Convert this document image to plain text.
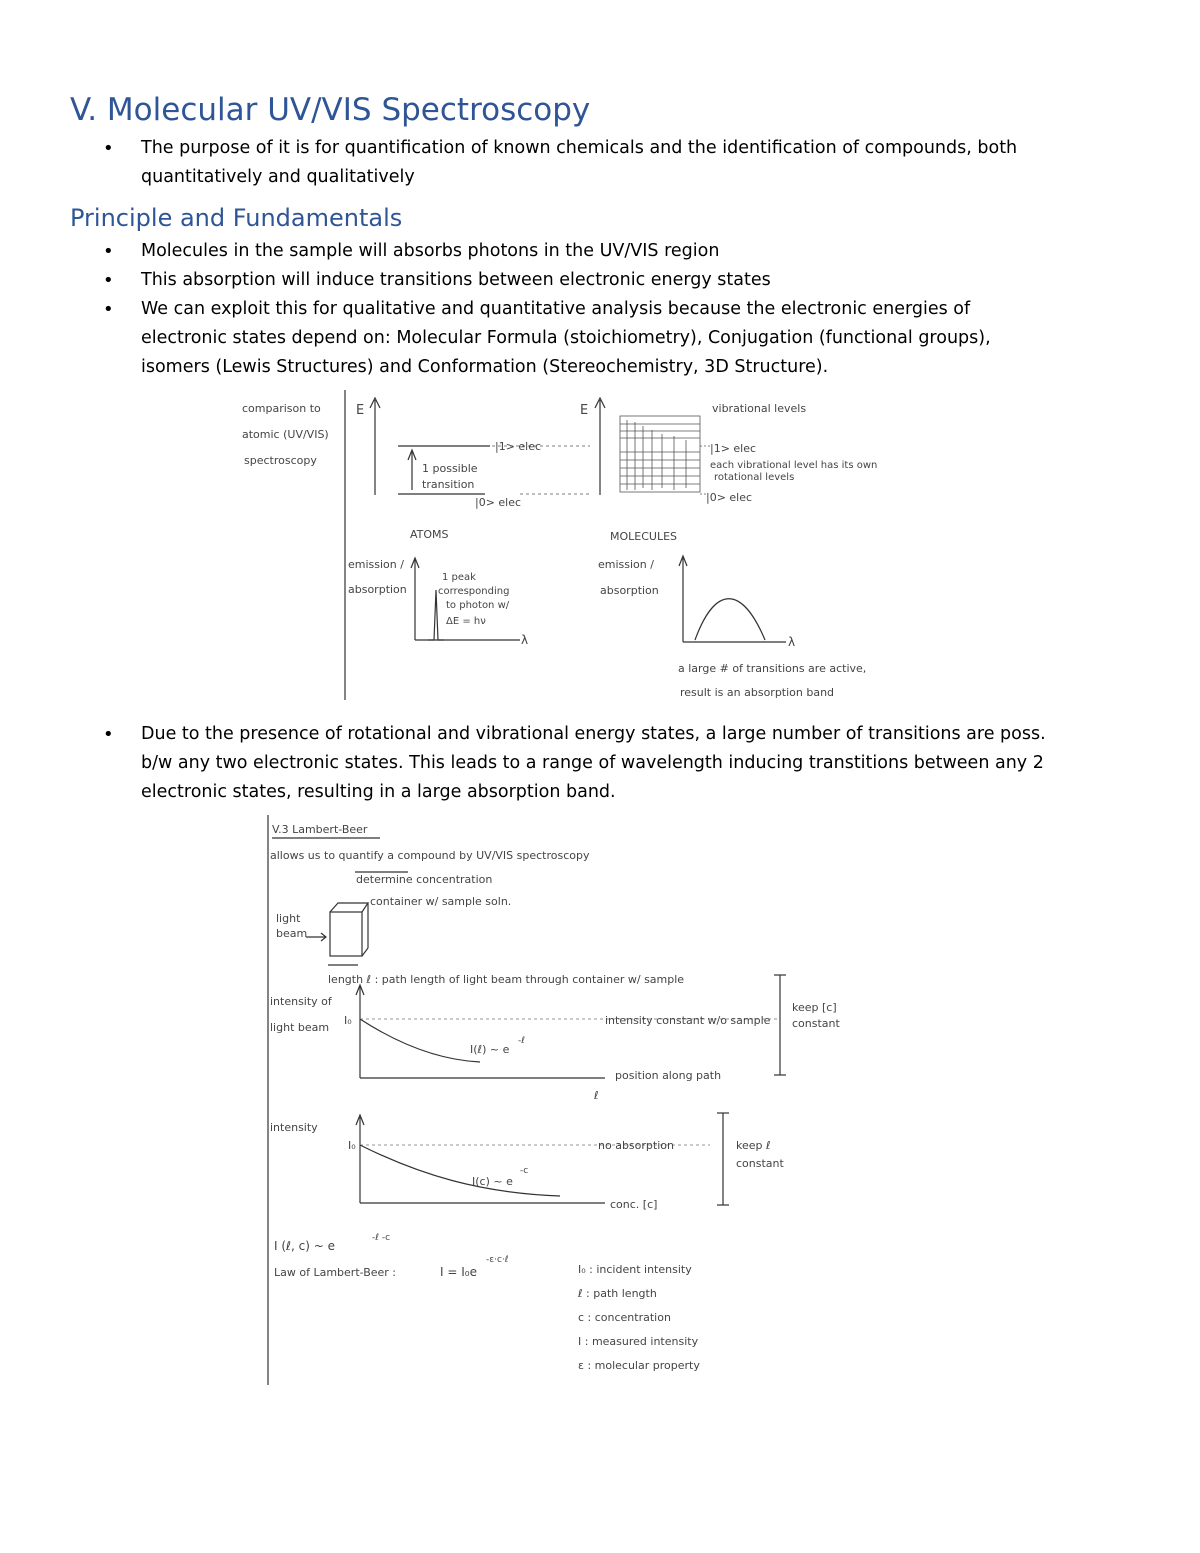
V. Molecular UV/VIS Spectroscopy
• The purpose of it is for quantification of known chemicals and the identification of compounds, both quantitatively and qualitatively
Principle and Fundamentals
• Molecules in the sample will absorbs photons in the UV/VIS region
• This absorption will induce transitions between electronic energy states
• We can exploit this for qualitative and quantitative analysis because the electronic energies of electronic states depend on: Molecular Formula (stoichiometry), Conjugation (functional groups), isomers (Lewis Structures) and Conformation (Stereochemistry, 3D Structure).
comparison to
atomic (UV/VIS)
spectroscopy
E	E
|1> elec
|0> elec
1 possible
transition
ATOMS	MOLECULES
vibrational levels
|1> elec
|0> elec
each vibrational level has its own
rotational levels
emission /
absorption
emission /
absorption
1 peak
corresponding
to photon w/
ΔE = hν
λ	λ
a large # of transitions are active,
result is an absorption band
• Due to the presence of rotational and vibrational energy states, a large number of transitions are poss. b/w any two electronic states. This leads to a range of wavelength inducing transtitions between any 2 electronic states, resulting in a large absorption band.
V.3 Lambert-Beer
allows us to quantify a compound by UV/VIS spectroscopy
determine concentration
container w/ sample soln.
light
beam
length ℓ : path length of light beam through container w/ sample
intensity of
light beam
I₀	intensity constant w/o sample
I(ℓ) ~ e
-ℓ
position along path
ℓ
keep [c]
constant
intensity
I₀	no absorption
I(c) ~ e
-c
conc. [c]
keep ℓ
constant
I (ℓ, c) ~ e
-ℓ -c
Law of Lambert-Beer :	I = I₀e
-ε·c·ℓ
I₀ : incident intensity
ℓ : path length
c : concentration
I : measured intensity
ε : molecular property
